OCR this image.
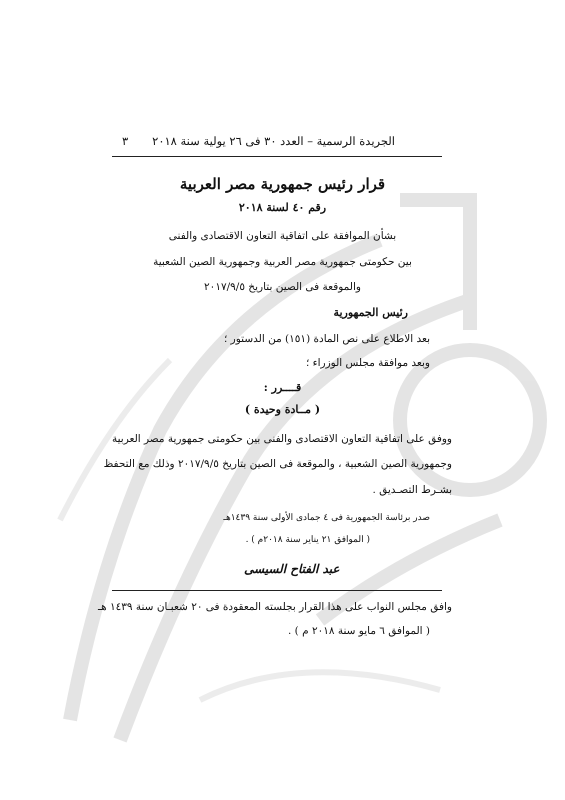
٣ الجريدة الرسمية – العدد ٣٠ فى ٢٦ يولية سنة ٢٠١٨
قرار رئيس جمهورية مصر العربية
رقم ٤٠ لسنة ٢٠١٨
بشأن الموافقة على اتفاقية التعاون الاقتصادى والفنى
بين حكومتى جمهورية مصر العربية وجمهورية الصين الشعبية
والموقعة فى الصين بتاريخ ٢٠١٧/٩/٥
رئيس الجمهورية
بعد الاطلاع على نص المادة (١٥١) من الدستور ؛
وبعد موافقة مجلس الوزراء ؛
قــــرر :
( مــادة وحيدة )
ووفق على اتفاقية التعاون الاقتصادى والفنى بين حكومتى جمهورية مصر العربية
وجمهورية الصين الشعبية ، والموقعة فى الصين بتاريخ ٢٠١٧/٩/٥ وذلك مع التحفظ
بشـرط التصـديق .
صدر برئاسة الجمهورية فى ٤ جمادى الأولى سنة ١٤٣٩هـ
( الموافق ٢١ يناير سنة ٢٠١٨م ) .
عبد الفتاح السيسى
وافق مجلس النواب على هذا القرار بجلسته المعقودة فى ٢٠ شعبـان سنة ١٤٣٩ هـ
( الموافق ٦ مايو سنة ٢٠١٨ م ) .
